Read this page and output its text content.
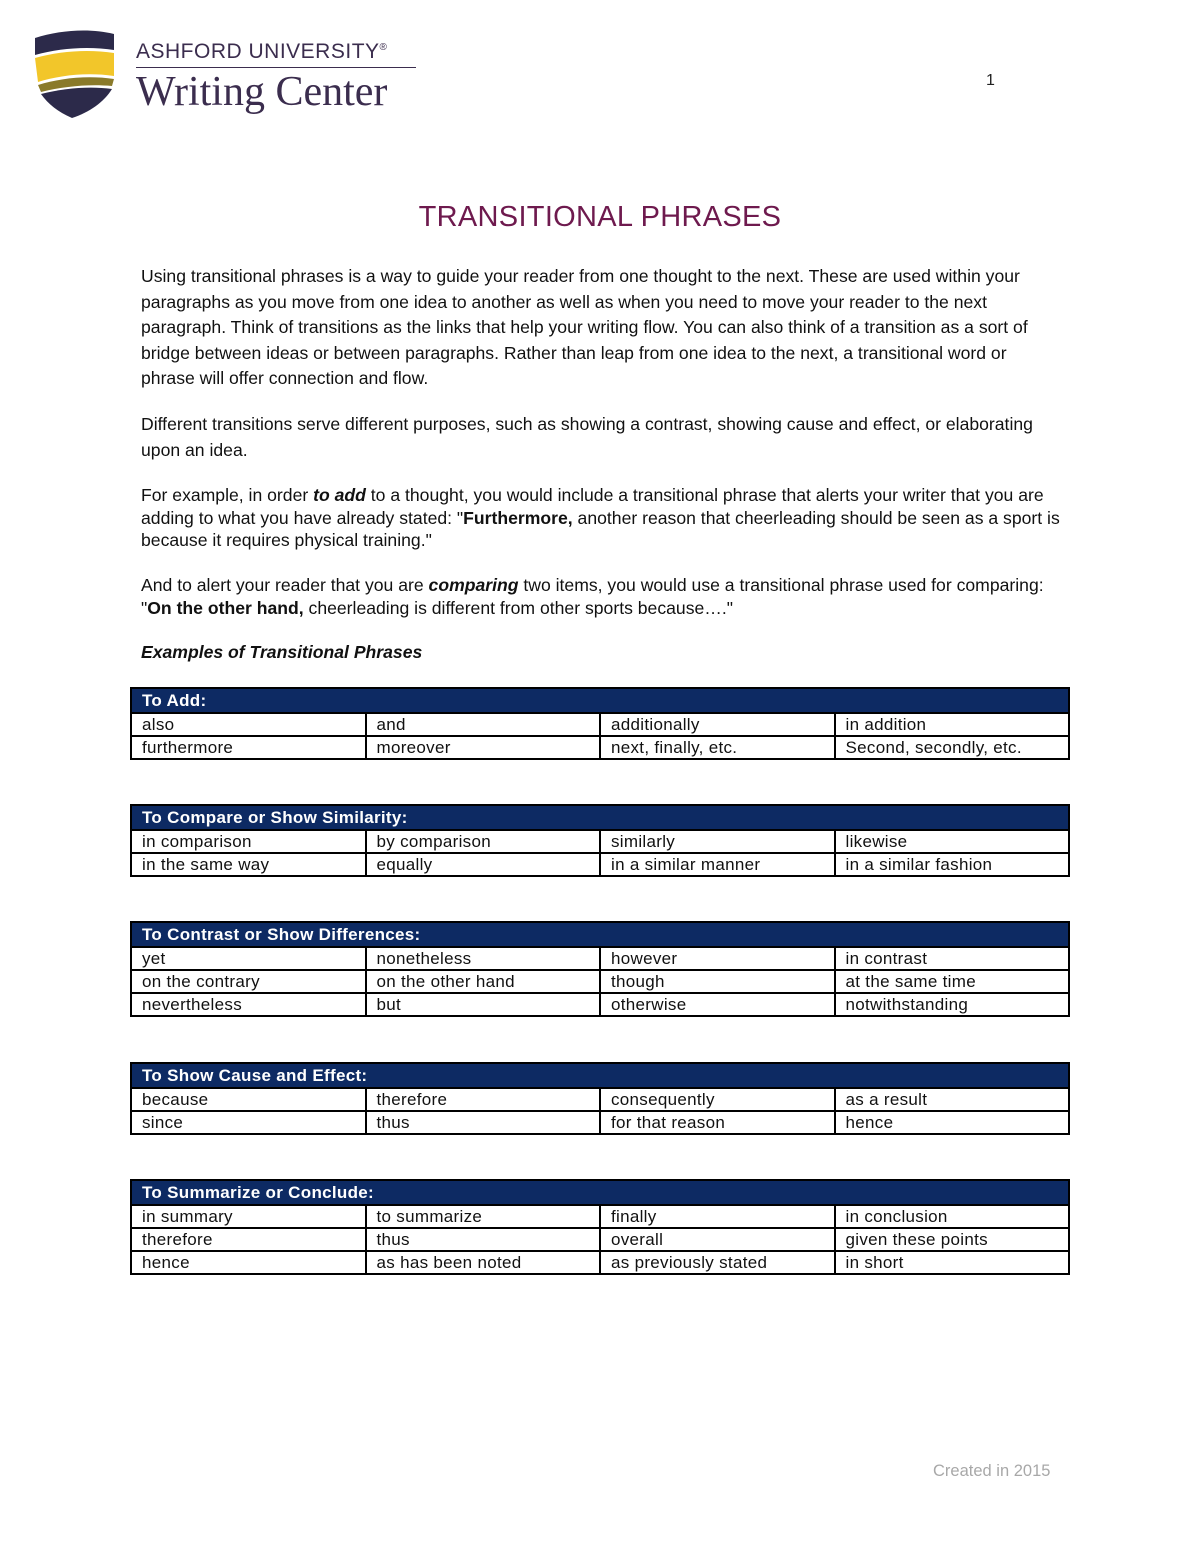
ASHFORD UNIVERSITY®
Writing Center	1
TRANSITIONAL PHRASES

Using transitional phrases is a way to guide your reader from one thought to the next. These are used within your paragraphs as you move from one idea to another as well as when you need to move your reader to the next paragraph. Think of transitions as the links that help your writing flow. You can also think of a transition as a sort of bridge between ideas or between paragraphs. Rather than leap from one idea to the next, a transitional word or phrase will offer connection and flow.

Different transitions serve different purposes, such as showing a contrast, showing cause and effect, or elaborating upon an idea.

For example, in order to add to a thought, you would include a transitional phrase that alerts your writer that you are adding to what you have already stated: "Furthermore, another reason that cheerleading should be seen as a sport is because it requires physical training."

And to alert your reader that you are comparing two items, you would use a transitional phrase used for comparing: "On the other hand, cheerleading is different from other sports because…."

Examples of Transitional Phrases
To Add:			
also	and	additionally	in addition
furthermore	moreover	next, finally, etc.	Second, secondly, etc.
To Compare or Show Similarity:			
in comparison	by comparison	similarly	likewise
in the same way	equally	in a similar manner	in a similar fashion
To Contrast or Show Differences:			
yet	nonetheless	however	in contrast
on the contrary	on the other hand	though	at the same time
nevertheless	but	otherwise	notwithstanding
To Show Cause and Effect:			
because	therefore	consequently	as a result
since	thus	for that reason	hence
To Summarize or Conclude:			
in summary	to summarize	finally	in conclusion
therefore	thus	overall	given these points
hence	as has been noted	as previously stated	in short
Created in 2015
